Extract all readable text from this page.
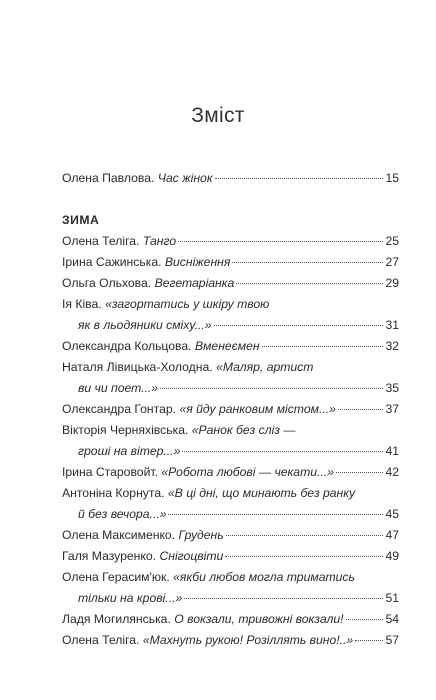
Зміст
Олена Павлова.
Час жінок	15
ЗИМА
Олена Теліга.
Танго	25
Ірина Сажинська.
Висніження	27
Ольга Ольхова.
Вегетаріанка	29
Ія Ківа.
«загортатись у шкіру твою
як в льодяники сміху...»	31
Олександра Кольцова.
Вменеємен	32
Наталя Лівицька-Холодна.
«Маляр, артист
ви чи поет...»	35
Олександра Гонтар.
«я йду ранковим містом...»	37
Вікторія Черняхівська.
«Ранок без сліз —
гроші на вітер...»	41
Ірина Старовойт.
«Робота любові — чекати...»	42
Антоніна Корнута.
«В ці дні, що минають без ранку
й без вечора...»	45
Олена Максименко.
Грудень	47
Галя Мазуренко.
Снігоцвіти	49
Олена Герасим'юк.
«якби любов могла триматись
тільки на крові...»	51
Ладя Могилянська.
О вокзали, тривожні вокзали!	54
Олена Теліга.
«Махнуть рукою! Розіллять вино!..»	57
